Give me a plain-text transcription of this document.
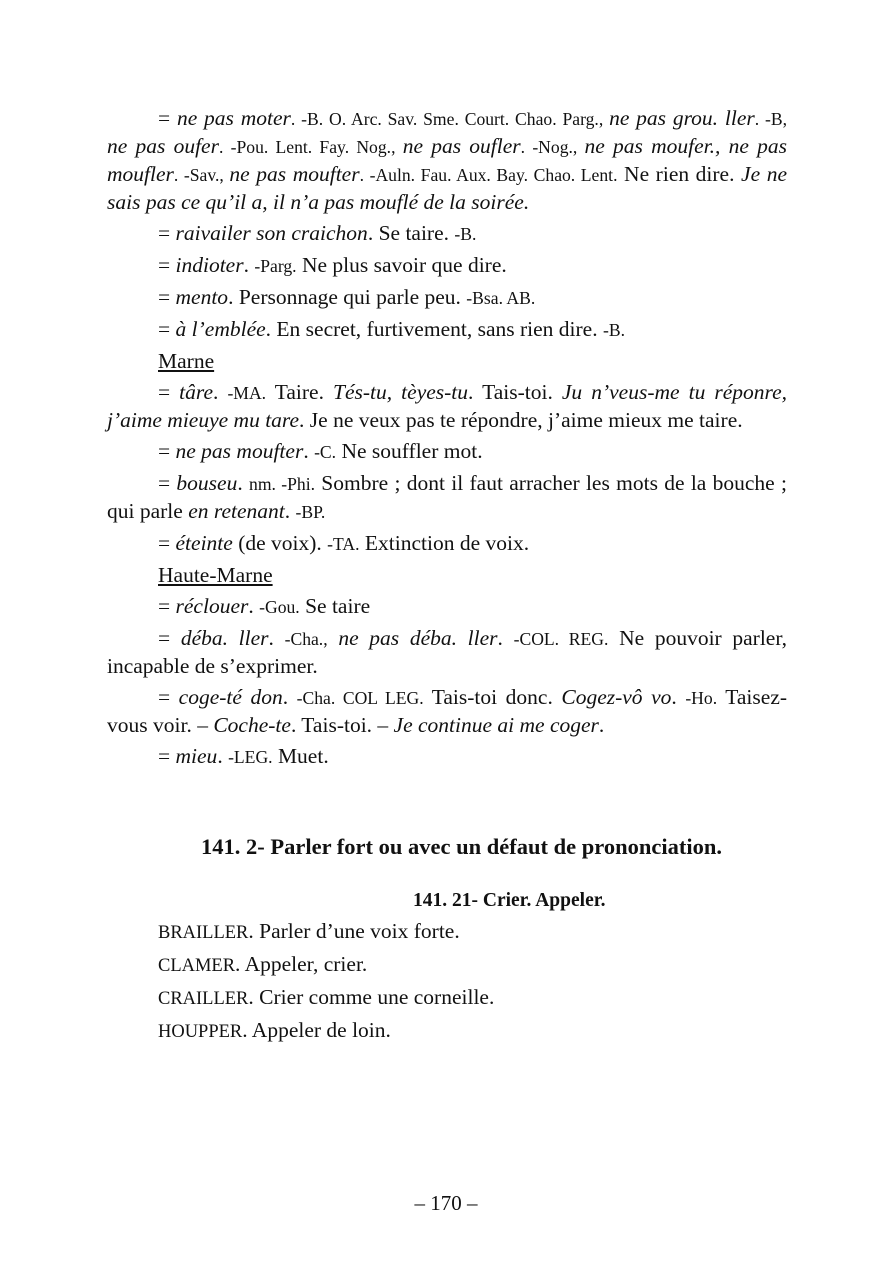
= ne pas moter. -B. O. Arc. Sav. Sme. Court. Chao. Parg., ne pas grou. ller. -B, ne pas oufer. -Pou. Lent. Fay. Nog., ne pas oufler. -Nog., ne pas moufer., ne pas moufler. -Sav., ne pas moufter. -Auln. Fau. Aux. Bay. Chao. Lent. Ne rien dire. Je ne sais pas ce qu’il a, il n’a pas mouflé de la soirée.

= raivailer son craichon. Se taire. -B.

= indioter. -Parg. Ne plus savoir que dire.

= mento. Personnage qui parle peu. -Bsa. AB.

= à l’emblée. En secret, furtivement, sans rien dire. -B.

Marne

= târe. -MA. Taire. Tés-tu, tèyes-tu. Tais-toi. Ju n’veus-me tu réponre, j’aime mieuye mu tare. Je ne veux pas te répondre, j’aime mieux me taire.

= ne pas moufter. -C. Ne souffler mot.

= bouseu. nm. -Phi. Sombre ; dont il faut arracher les mots de la bouche ; qui parle en retenant. -BP.

= éteinte (de voix). -TA. Extinction de voix.

Haute-Marne

= réclouer. -Gou. Se taire

= déba. ller. -Cha., ne pas déba. ller. -COL. REG. Ne pouvoir parler, incapable de s’exprimer.

= coge-té don. -Cha. COL LEG. Tais-toi donc. Cogez-vô vo. -Ho. Taisez-vous voir. – Coche-te. Tais-toi. – Je continue ai me coger.

= mieu. -LEG. Muet.

141. 2- Parler fort ou avec un défaut de prononciation.

141. 21- Crier. Appeler.

BRAILLER. Parler d’une voix forte.

CLAMER. Appeler, crier.

CRAILLER. Crier comme une corneille.

HOUPPER. Appeler de loin.

– 170 –
